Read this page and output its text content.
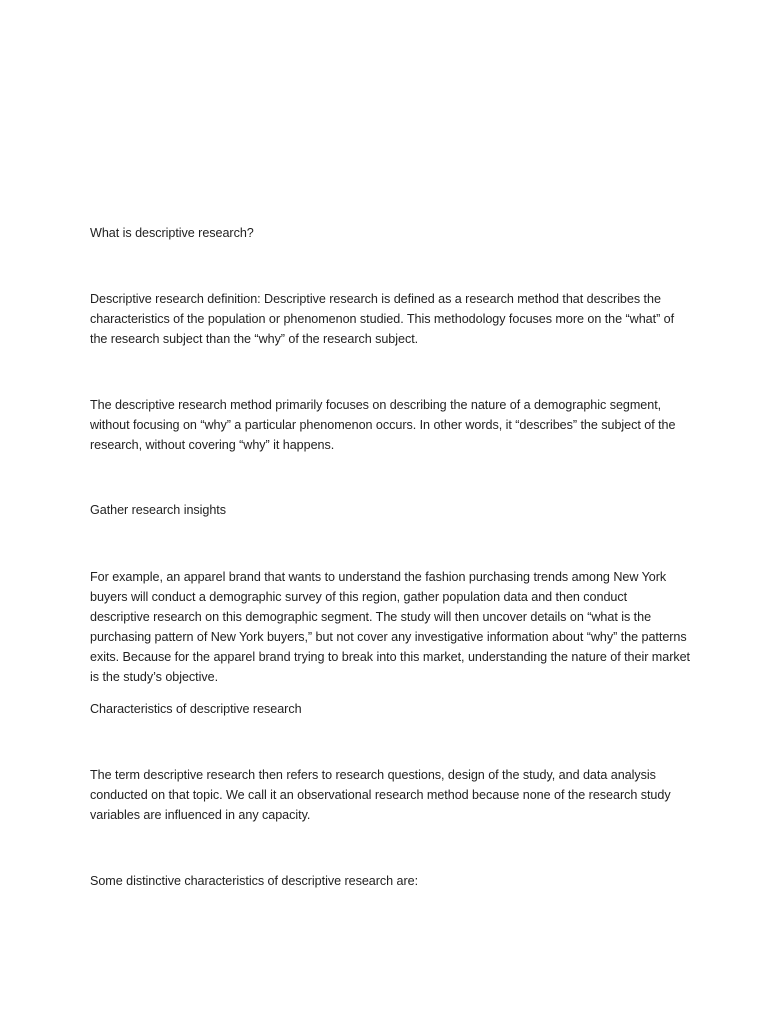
What is descriptive research?

Descriptive research definition: Descriptive research is defined as a research method that describes the characteristics of the population or phenomenon studied. This methodology focuses more on the “what” of the research subject than the “why” of the research subject.

The descriptive research method primarily focuses on describing the nature of a demographic segment, without focusing on “why” a particular phenomenon occurs. In other words, it “describes” the subject of the research, without covering “why” it happens.

Gather research insights

For example, an apparel brand that wants to understand the fashion purchasing trends among New York buyers will conduct a demographic survey of this region, gather population data and then conduct descriptive research on this demographic segment. The study will then uncover details on “what is the purchasing pattern of New York buyers,” but not cover any investigative information about “why” the patterns exits. Because for the apparel brand trying to break into this market, understanding the nature of their market is the study’s objective.

Characteristics of descriptive research

The term descriptive research then refers to research questions, design of the study, and data analysis conducted on that topic. We call it an observational research method because none of the research study variables are influenced in any capacity.

Some distinctive characteristics of descriptive research are:
